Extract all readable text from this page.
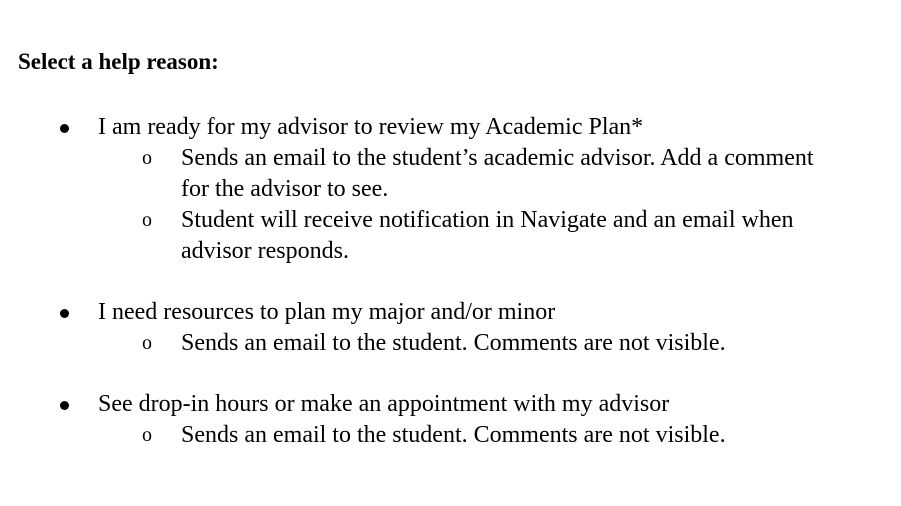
Select a help reason:
I am ready for my advisor to review my Academic Plan*
o Sends an email to the student’s academic advisor. Add a comment for the advisor to see.
o Student will receive notification in Navigate and an email when advisor responds.
I need resources to plan my major and/or minor
o Sends an email to the student. Comments are not visible.
See drop-in hours or make an appointment with my advisor
o Sends an email to the student. Comments are not visible.
